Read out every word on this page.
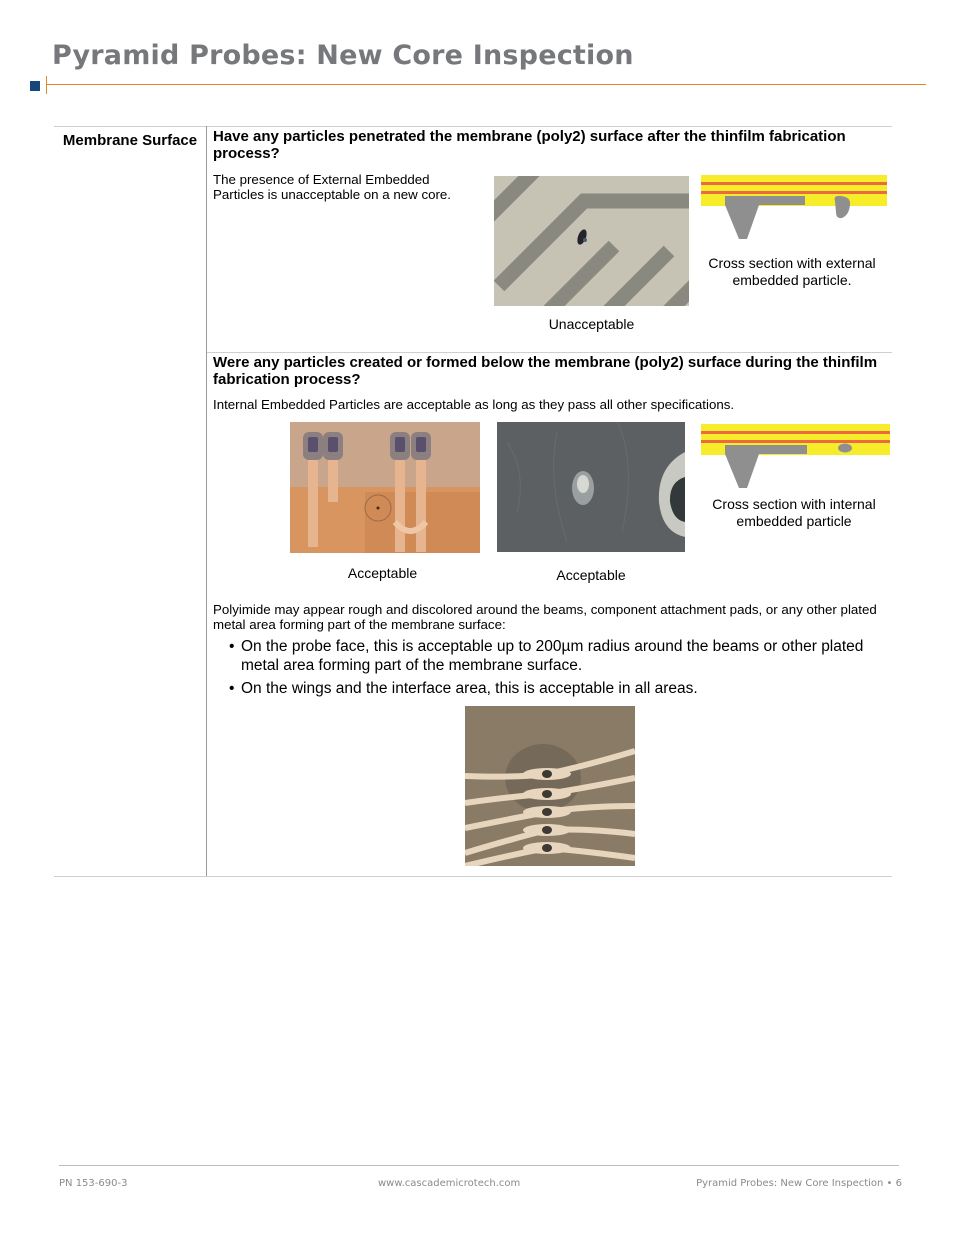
Pyramid Probes: New Core Inspection
Membrane Surface Have any particles penetrated the membrane (poly2) surface after the thinfilm fabrication process?
The presence of External Embedded Particles is unacceptable on a new core.
Unacceptable
Cross section with external embedded particle.
Were any particles created or formed below the membrane (poly2) surface during the thinfilm fabrication process?
Internal Embedded Particles are acceptable as long as they pass all other specifications.
Acceptable	Acceptable
Cross section with internal embedded particle
Polyimide may appear rough and discolored around the beams, component attachment pads, or any other plated metal area forming part of the membrane surface:
• On the probe face, this is acceptable up to 200µm radius around the beams or other plated metal area forming part of the membrane surface.
• On the wings and the interface area, this is acceptable in all areas.
PN 153-690-3	www.cascademicrotech.com	Pyramid Probes: New Core Inspection • 6
